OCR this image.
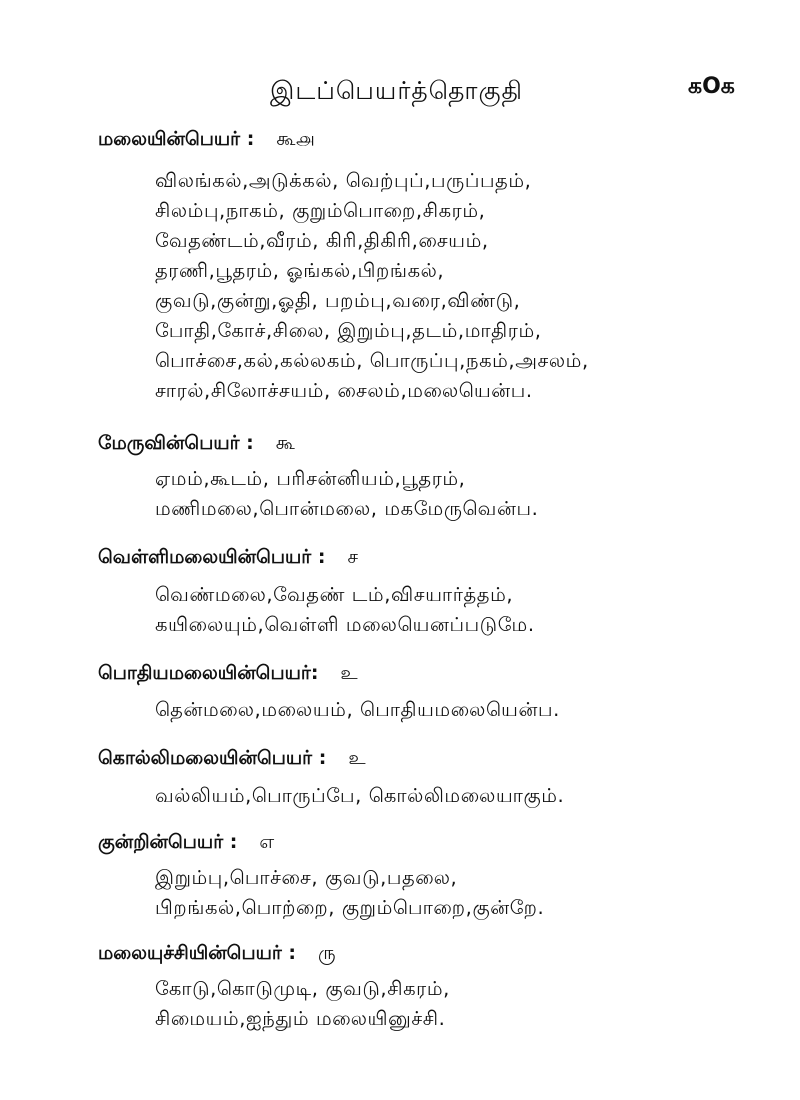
இடப்பெயர்த்தொகுதி	கOக
மலையின்பெயர் : கூ௮
விலங்கல்,அடுக்கல், வெற்புப்,பருப்பதம்,
சிலம்பு,நாகம், குறும்பொறை,சிகரம்,
வேதண்டம்,வீரம், கிரி,திகிரி,சையம்,
தரணி,பூதரம், ஓங்கல்,பிறங்கல்,
குவடு,குன்று,ஓதி, பறம்பு,வரை,விண்டு,
போதி,கோச்,சிலை, இறும்பு,தடம்,மாதிரம்,
பொச்சை,கல்,கல்லகம், பொருப்பு,நகம்,அசலம்,
சாரல்,சிலோச்சயம், சைலம்,மலையென்ப.
மேருவின்பெயர் : கூ
ஏமம்,கூடம், பரிசன்னியம்,பூதரம்,
மணிமலை,பொன்மலை, மகமேருவென்ப.
வெள்ளிமலையின்பெயர் : ச
வெண்மலை,வேதண் டம்,விசயார்த்தம்,
கயிலையும்,வெள்ளி மலையெனப்படுமே.
பொதியமலையின்பெயர்: உ
தென்மலை,மலையம், பொதியமலையென்ப.
கொல்லிமலையின்பெயர் : உ
வல்லியம்,பொருப்பே, கொல்லிமலையாகும்.
குன்றின்பெயர் : எ
இறும்பு,பொச்சை, குவடு,பதலை,
பிறங்கல்,பொற்றை, குறும்பொறை,குன்றே.
மலையுச்சியின்பெயர் : ரு
கோடு,கொடுமுடி, குவடு,சிகரம்,
சிமையம்,ஐந்தும் மலையினுச்சி.
